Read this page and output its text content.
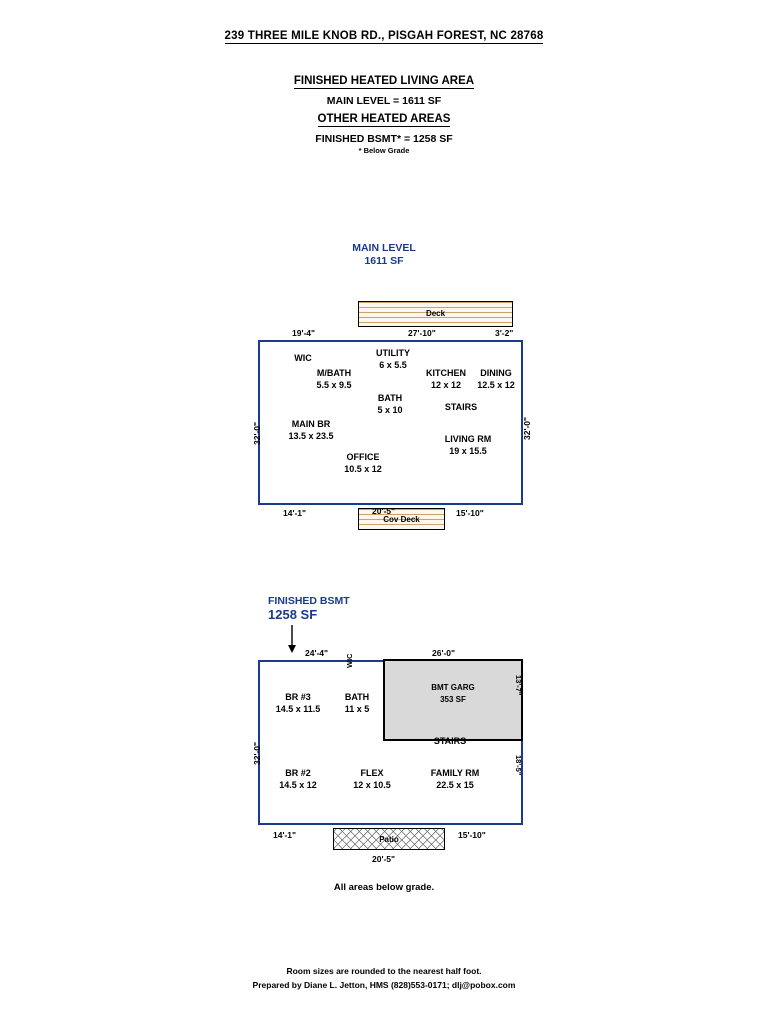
239 THREE MILE KNOB RD., PISGAH FOREST, NC 28768
FINISHED HEATED LIVING AREA
MAIN LEVEL = 1611 SF
OTHER HEATED AREAS
FINISHED BSMT* = 1258 SF
* Below Grade
MAIN LEVEL
1611 SF
Deck
19'-4"	27'-10"	3'-2"
32'-0"	32'-0"
WIC	UTILITY
6 x 5.5
M/BATH
5.5 x 9.5
KITCHEN
12 x 12
DINING
12.5 x 12
BATH
5 x 10	STAIRS
MAIN BR
13.5 x 23.5	LIVING RM
19 x 15.5
OFFICE
10.5 x 12
Cov Deck
14'-1"	20'-5"	15'-10"
FINISHED BSMT
1258 SF
24'-4"	26'-0"
BMT GARG
353 SF
32'-0"
13'-7"
18'-5"
BR #3
14.5 x 11.5
BATH
11 x 5
WIC
STAIRS
BR #2
14.5 x 12
FLEX
12 x 10.5
FAMILY RM
22.5 x 15
Patio
14'-1"
20'-5"
15'-10"
All areas below grade.
Room sizes are rounded to the nearest half foot.
Prepared by Diane L. Jetton, HMS (828)553-0171; dlj@pobox.com
